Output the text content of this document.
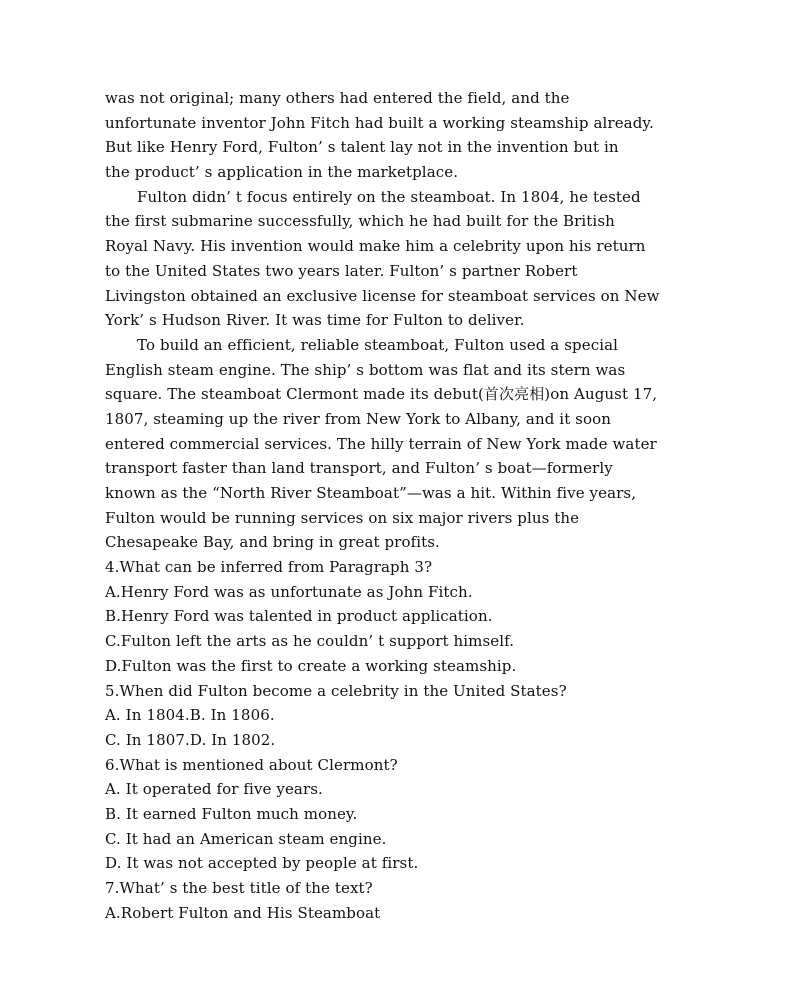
was not original; many others had entered the field, and the
unfortunate inventor John Fitch had built a working steamship already.
But like Henry Ford, Fulton’ s talent lay not in the invention but in
the product’ s application in the marketplace.
Fulton didn’ t focus entirely on the steamboat. In 1804, he tested
the first submarine successfully, which he had built for the British
Royal Navy. His invention would make him a celebrity upon his return
to the United States two years later. Fulton’ s partner Robert
Livingston obtained an exclusive license for steamboat services on New
York’ s Hudson River. It was time for Fulton to deliver.
To build an efficient, reliable steamboat, Fulton used a special
English steam engine. The ship’ s bottom was flat and its stern was
square. The steamboat Clermont made its debut(首次亮相)on August 17,
1807, steaming up the river from New York to Albany, and it soon
entered commercial services. The hilly terrain of New York made water
transport faster than land transport, and Fulton’ s boat—formerly
known as the “North River Steamboat”—was a hit. Within five years,
Fulton would be running services on six major rivers plus the
Chesapeake Bay, and bring in great profits.
4.What can be inferred from Paragraph 3?
A.Henry Ford was as unfortunate as John Fitch.
B.Henry Ford was talented in product application.
C.Fulton left the arts as he couldn’ t support himself.
D.Fulton was the first to create a working steamship.
5.When did Fulton become a celebrity in the United States?
A. In 1804.B. In 1806.
C. In 1807.D. In 1802.
6.What is mentioned about Clermont?
A. It operated for five years.
B. It earned Fulton much money.
C. It had an American steam engine.
D. It was not accepted by people at first.
7.What’ s the best title of the text?
A.Robert Fulton and His Steamboat
